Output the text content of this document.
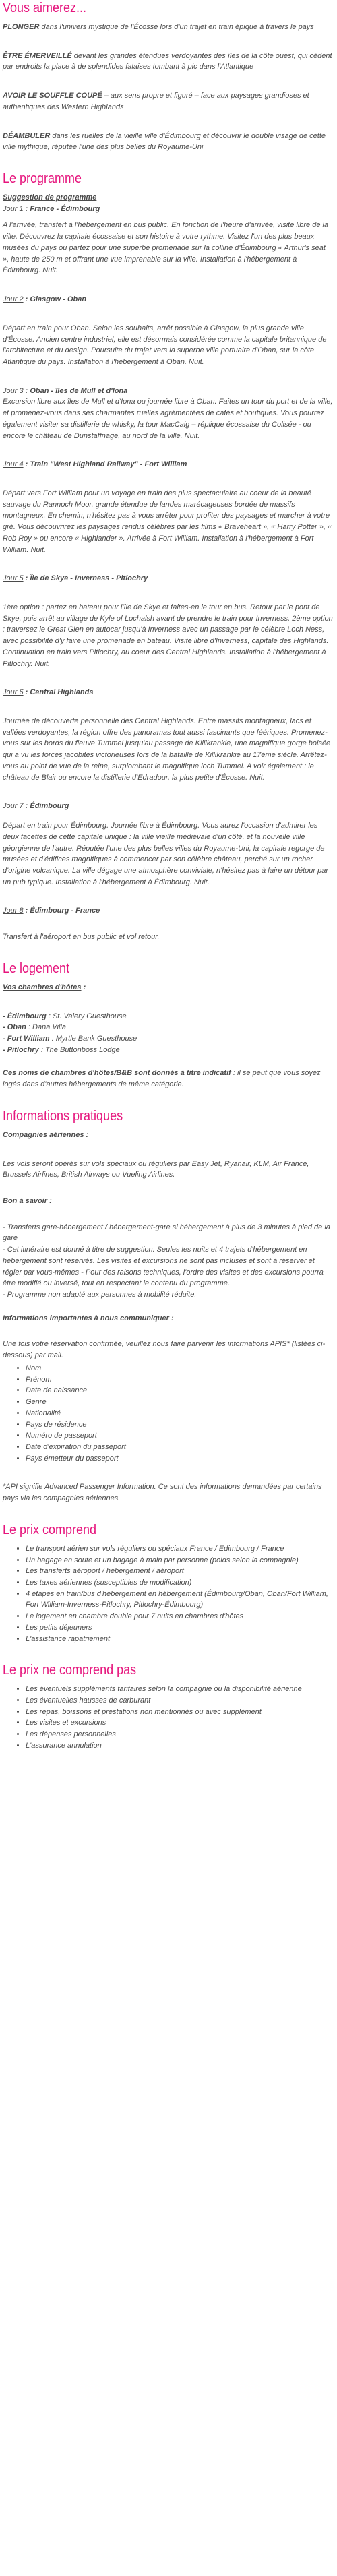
Vous aimerez...

PLONGER dans l'univers mystique de l'Écosse lors d'un trajet en train épique à travers le pays

ÊTRE ÉMERVEILLÉ devant les grandes étendues verdoyantes des îles de la côte ouest, qui cèdent par endroits la place à de splendides falaises tombant à pic dans l'Atlantique

AVOIR LE SOUFFLE COUPÉ – aux sens propre et figuré – face aux paysages grandioses et authentiques des Western Highlands

DÉAMBULER dans les ruelles de la vieille ville d'Édimbourg et découvrir le double visage de cette ville mythique, réputée l'une des plus belles du Royaume-Uni

Le programme

Suggestion de programme

Jour 1 : France - Édimbourg

A l'arrivée, transfert à l'hébergement en bus public. En fonction de l'heure d'arrivée, visite libre de la ville. Découvrez la capitale écossaise et son histoire à votre rythme. Visitez l'un des plus beaux musées du pays ou partez pour une superbe promenade sur la colline d'Édimbourg « Arthur's seat », haute de 250 m et offrant une vue imprenable sur la ville. Installation à l'hébergement à Édimbourg. Nuit.

Jour 2 : Glasgow - Oban

Départ en train pour Oban. Selon les souhaits, arrêt possible à Glasgow, la plus grande ville d'Écosse. Ancien centre industriel, elle est désormais considérée comme la capitale britannique de l'architecture et du design. Poursuite du trajet vers la superbe ville portuaire d'Oban, sur la côte Atlantique du pays. Installation à l'hébergement à Oban. Nuit.

Jour 3 : Oban - îles de Mull et d'Iona

Excursion libre aux îles de Mull et d'Iona ou journée libre à Oban. Faites un tour du port et de la ville, et promenez-vous dans ses charmantes ruelles agrémentées de cafés et boutiques. Vous pourrez également visiter sa distillerie de whisky, la tour MacCaig – réplique écossaise du Colisée - ou encore le château de Dunstaffnage, au nord de la ville. Nuit.

Jour 4 : Train "West Highland Railway" - Fort William

Départ vers Fort William pour un voyage en train des plus spectaculaire au coeur de la beauté sauvage du Rannoch Moor, grande étendue de landes marécageuses bordée de massifs montagneux. En chemin, n'hésitez pas à vous arrêter pour profiter des paysages et marcher à votre gré. Vous découvrirez les paysages rendus célèbres par les films « Braveheart », « Harry Potter », « Rob Roy » ou encore « Highlander ». Arrivée à Fort William. Installation à l'hébergement à Fort William. Nuit.

Jour 5 : Île de Skye - Inverness - Pitlochry

1ère option : partez en bateau pour l'île de Skye et faites-en le tour en bus. Retour par le pont de Skye, puis arrêt au village de Kyle of Lochalsh avant de prendre le train pour Inverness. 2ème option : traversez le Great Glen en autocar jusqu'à Inverness avec un passage par le célèbre Loch Ness, avec possibilité d'y faire une promenade en bateau. Visite libre d'Inverness, capitale des Highlands. Continuation en train vers Pitlochry, au coeur des Central Highlands. Installation à l'hébergement à Pitlochry. Nuit.

Jour 6 : Central Highlands

Journée de découverte personnelle des Central Highlands. Entre massifs montagneux, lacs et vallées verdoyantes, la région offre des panoramas tout aussi fascinants que féériques. Promenez-vous sur les bords du fleuve Tummel jusqu'au passage de Killikrankie, une magnifique gorge boisée qui a vu les forces jacobites victorieuses lors de la bataille de Killikrankie au 17ème siècle. Arrêtez-vous au point de vue de la reine, surplombant le magnifique loch Tummel. A voir également : le château de Blair ou encore la distillerie d'Edradour, la plus petite d'Écosse. Nuit.

Jour 7 : Édimbourg

Départ en train pour Édimbourg. Journée libre à Édimbourg. Vous aurez l'occasion d'admirer les deux facettes de cette capitale unique : la ville vieille médiévale d'un côté, et la nouvelle ville géorgienne de l'autre. Réputée l'une des plus belles villes du Royaume-Uni, la capitale regorge de musées et d'édifices magnifiques à commencer par son célèbre château, perché sur un rocher d'origine volcanique. La ville dégage une atmosphère conviviale, n'hésitez pas à faire un détour par un pub typique. Installation à l'hébergement à Édimbourg. Nuit.

Jour 8 : Édimbourg - France

Transfert à l'aéroport en bus public et vol retour.

Le logement

Vos chambres d'hôtes :

- Édimbourg : St. Valery Guesthouse

- Oban : Dana Villa

- Fort William : Myrtle Bank Guesthouse

- Pitlochry : The Buttonboss Lodge

Ces noms de chambres d'hôtes/B&B sont donnés à titre indicatif : il se peut que vous soyez logés dans d'autres hébergements de même catégorie.

Informations pratiques

Compagnies aériennes :

Les vols seront opérés sur vols spéciaux ou réguliers par Easy Jet, Ryanair, KLM, Air France, Brussels Airlines, British Airways ou Vueling Airlines.

Bon à savoir :

- Transferts gare-hébergement / hébergement-gare si hébergement à plus de 3 minutes à pied de la gare

- Cet itinéraire est donné à titre de suggestion. Seules les nuits et 4 trajets d'hébergement en hébergement sont réservés. Les visites et excursions ne sont pas incluses et sont à réserver et régler par vous-mêmes - Pour des raisons techniques, l'ordre des visites et des excursions pourra être modifié ou inversé, tout en respectant le contenu du programme.

- Programme non adapté aux personnes à mobilité réduite.

Informations importantes à nous communiquer :

Une fois votre réservation confirmée, veuillez nous faire parvenir les informations APIS* (listées ci-dessous) par mail.

• Nom
• Prénom
• Date de naissance
• Genre
• Nationalité
• Pays de résidence
• Numéro de passeport
• Date d'expiration du passeport
• Pays émetteur du passeport

*API signifie Advanced Passenger Information. Ce sont des informations demandées par certains pays via les compagnies aériennes.

Le prix comprend
• Le transport aérien sur vols réguliers ou spéciaux France / Edimbourg / France
• Un bagage en soute et un bagage à main par personne (poids selon la compagnie)
• Les transferts aéroport / hébergement / aéroport
• Les taxes aériennes (susceptibles de modification)
• 4 étapes en train/bus d'hébergement en hébergement (Édimbourg/Oban, Oban/Fort William, Fort William-Inverness-Pitlochry, Pitlochry-Édimbourg)
• Le logement en chambre double pour 7 nuits en chambres d'hôtes
• Les petits déjeuners
• L'assistance rapatriement
Le prix ne comprend pas
• Les éventuels suppléments tarifaires selon la compagnie ou la disponibilité aérienne
• Les éventuelles hausses de carburant
• Les repas, boissons et prestations non mentionnés ou avec supplément
• Les visites et excursions
• Les dépenses personnelles
• L'assurance annulation
